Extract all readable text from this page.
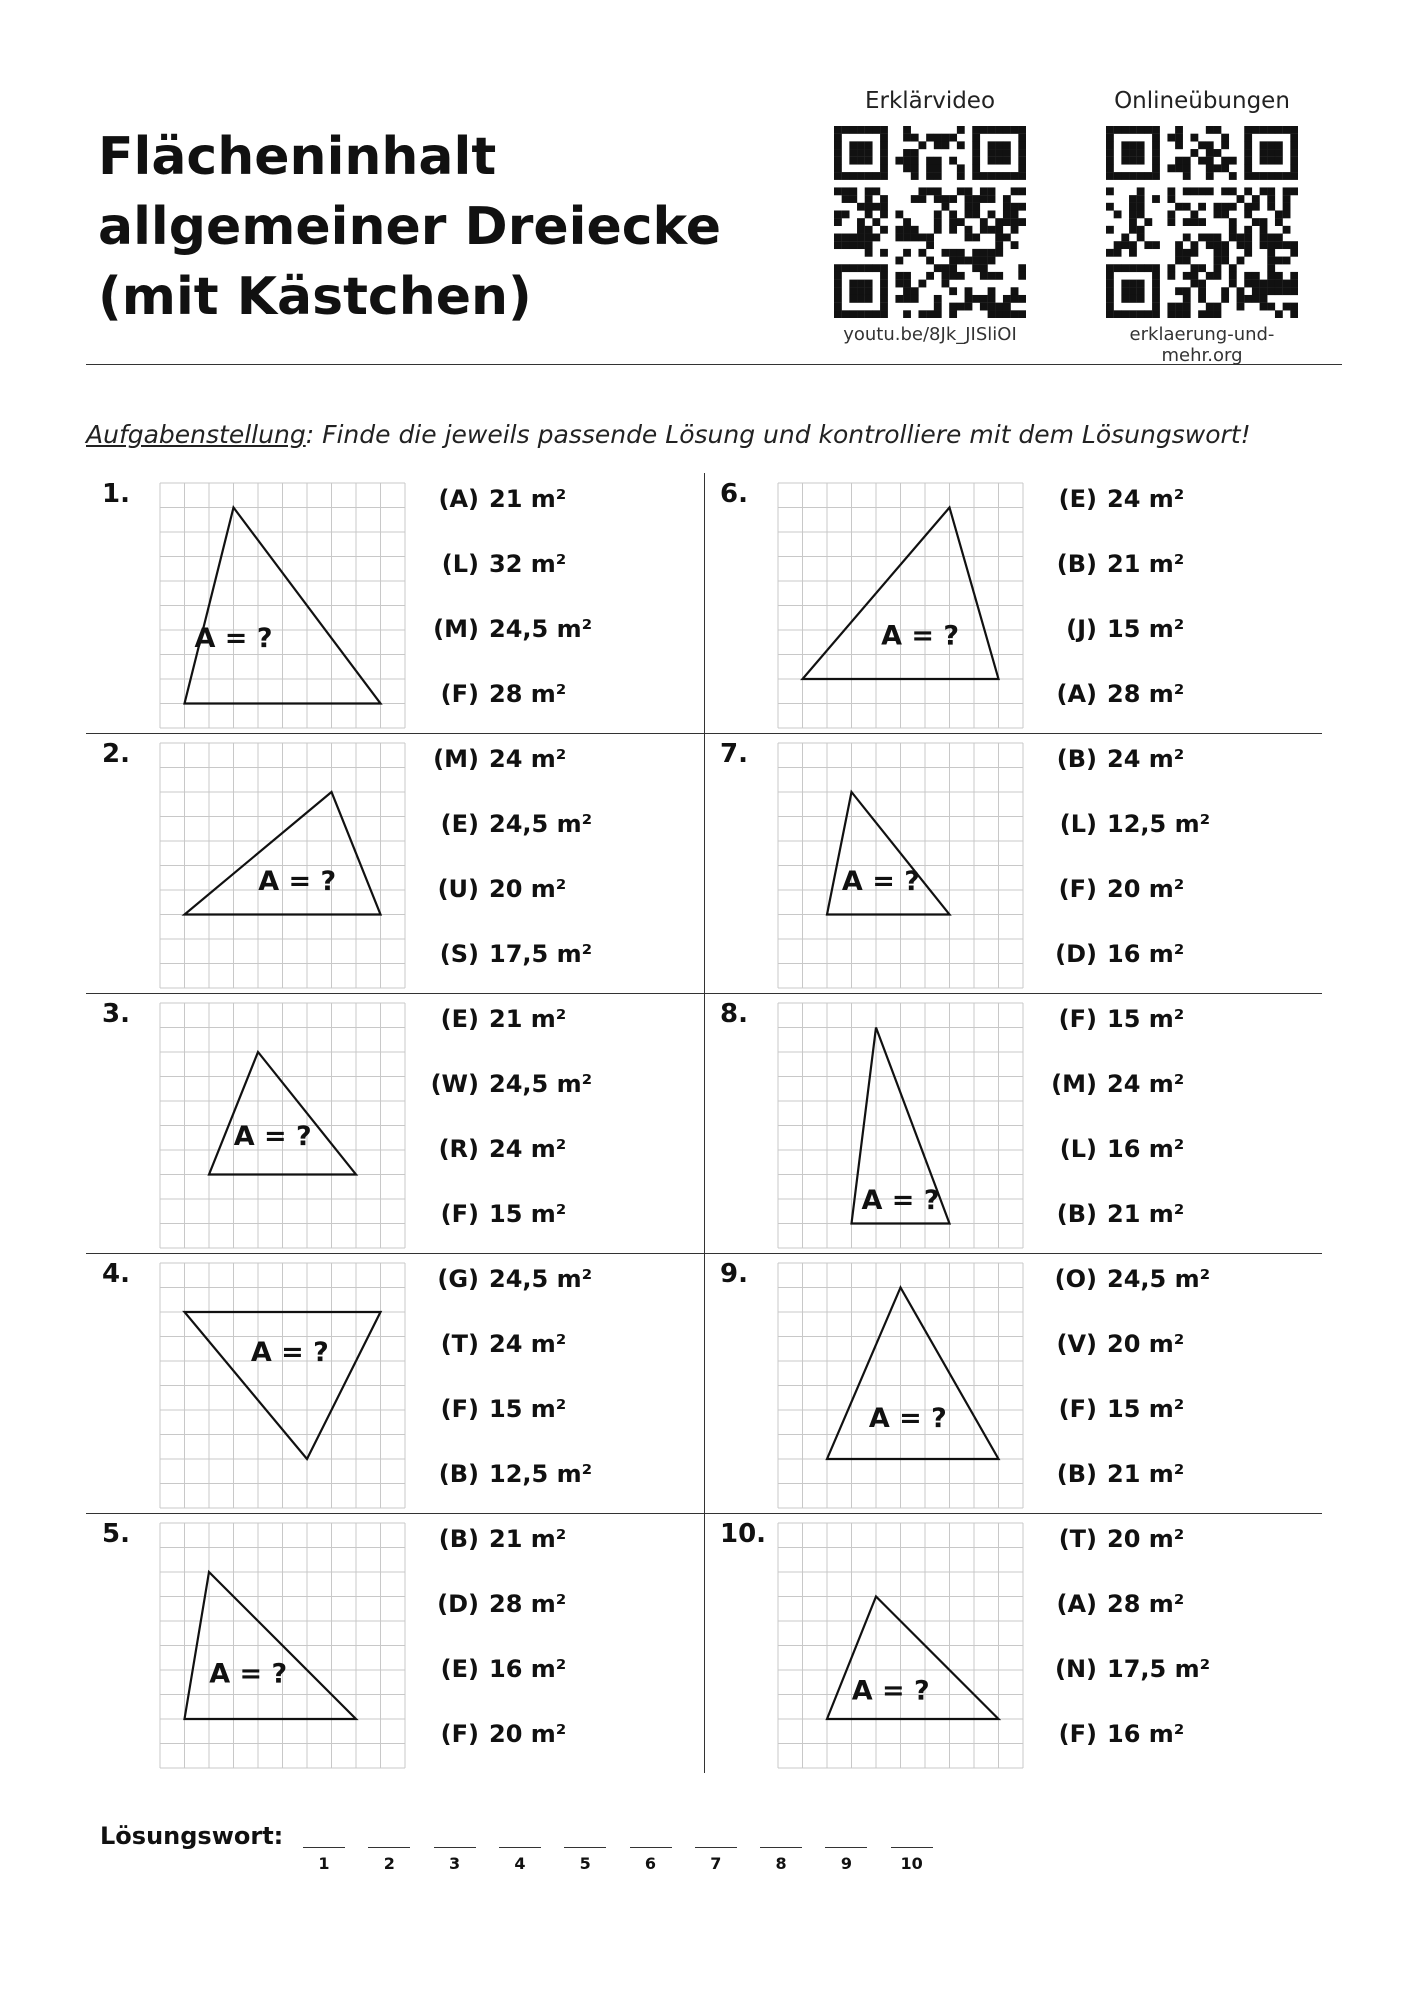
Flächeninhalt
allgemeiner Dreiecke
(mit Kästchen)
Erklärvideo
youtu.be/8Jk_JISliOI
Onlineübungen
erklaerung-und-mehr.org
Aufgabenstellung: Finde die jeweils passende Lösung und kontrolliere mit dem Lösungswort!
1.
A = ?
(A) 21 m²
(L) 32 m²
(M) 24,5 m²
(F) 28 m²
2.
A = ?
(M) 24 m²
(E) 24,5 m²
(U) 20 m²
(S) 17,5 m²
3.
A = ?
(E) 21 m²
(W) 24,5 m²
(R) 24 m²
(F) 15 m²
4.
A = ?
(G) 24,5 m²
(T) 24 m²
(F) 15 m²
(B) 12,5 m²
5.
A = ?
(B) 21 m²
(D) 28 m²
(E) 16 m²
(F) 20 m²
6.
A = ?
(E) 24 m²
(B) 21 m²
(J) 15 m²
(A) 28 m²
7.
A = ?
(B) 24 m²
(L) 12,5 m²
(F) 20 m²
(D) 16 m²
8.
A = ?
(F) 15 m²
(M) 24 m²
(L) 16 m²
(B) 21 m²
9.
A = ?
(O) 24,5 m²
(V) 20 m²
(F) 15 m²
(B) 21 m²
10.
A = ?
(T) 20 m²
(A) 28 m²
(N) 17,5 m²
(F) 16 m²
Lösungswort:
1	2	3	4	5	6	7	8	9	10
